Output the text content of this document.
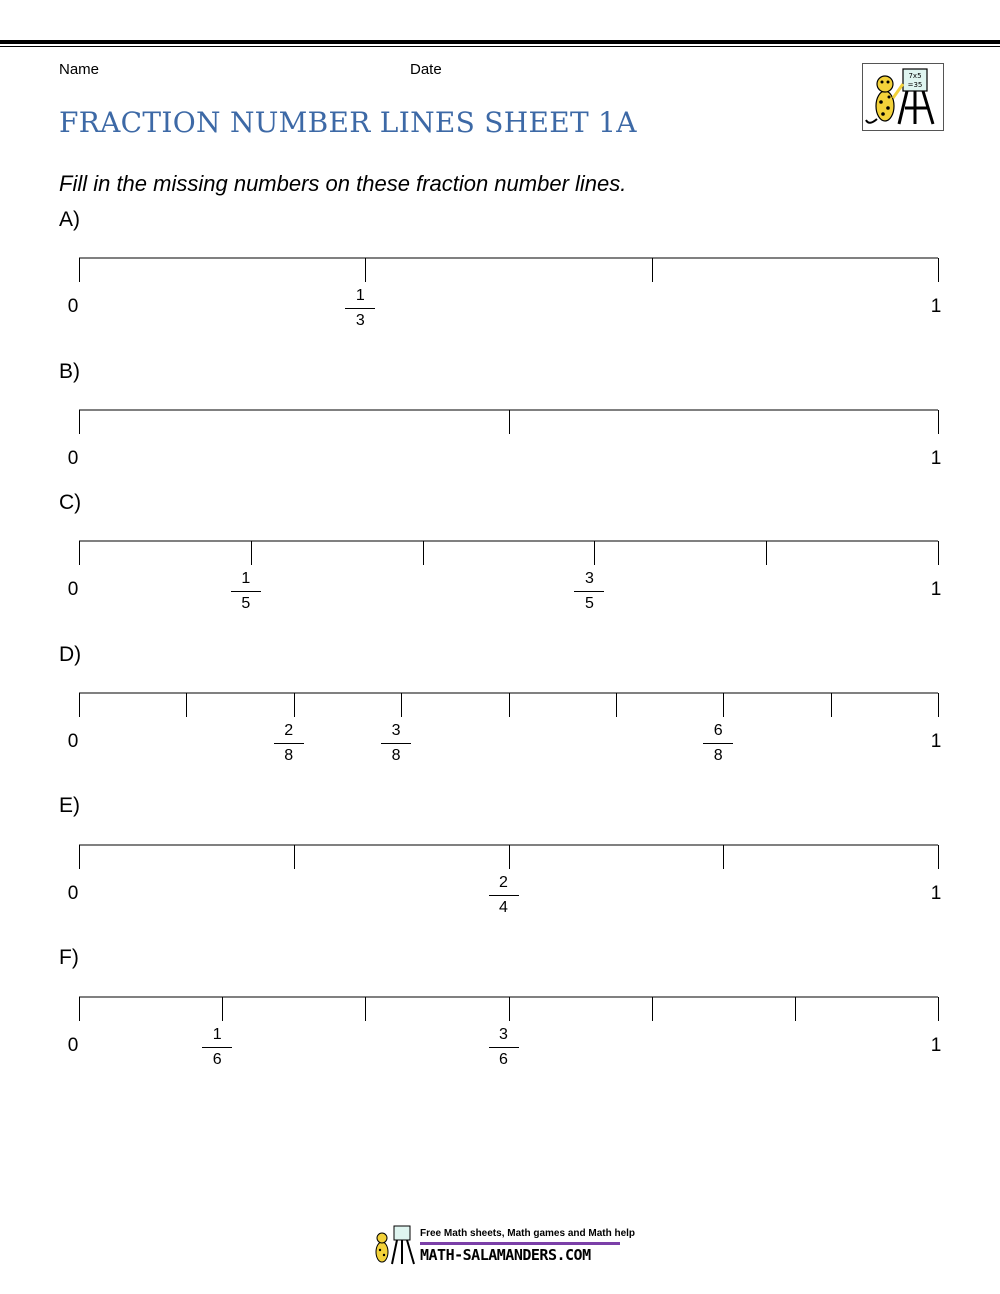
Name	Date
FRACTION NUMBER LINES SHEET 1A
7x5
=35

Fill in the missing numbers on these fraction number lines.

A)
0	1
1
3
B)
0	1
C)
0	1
1
5
3
5
D)
0	1
2
8
3
8
6
8
E)
0	1
2
4
F)
0	1
1
6
3
6
Free Math sheets, Math games and Math help
MATH-SALAMANDERS.COM
